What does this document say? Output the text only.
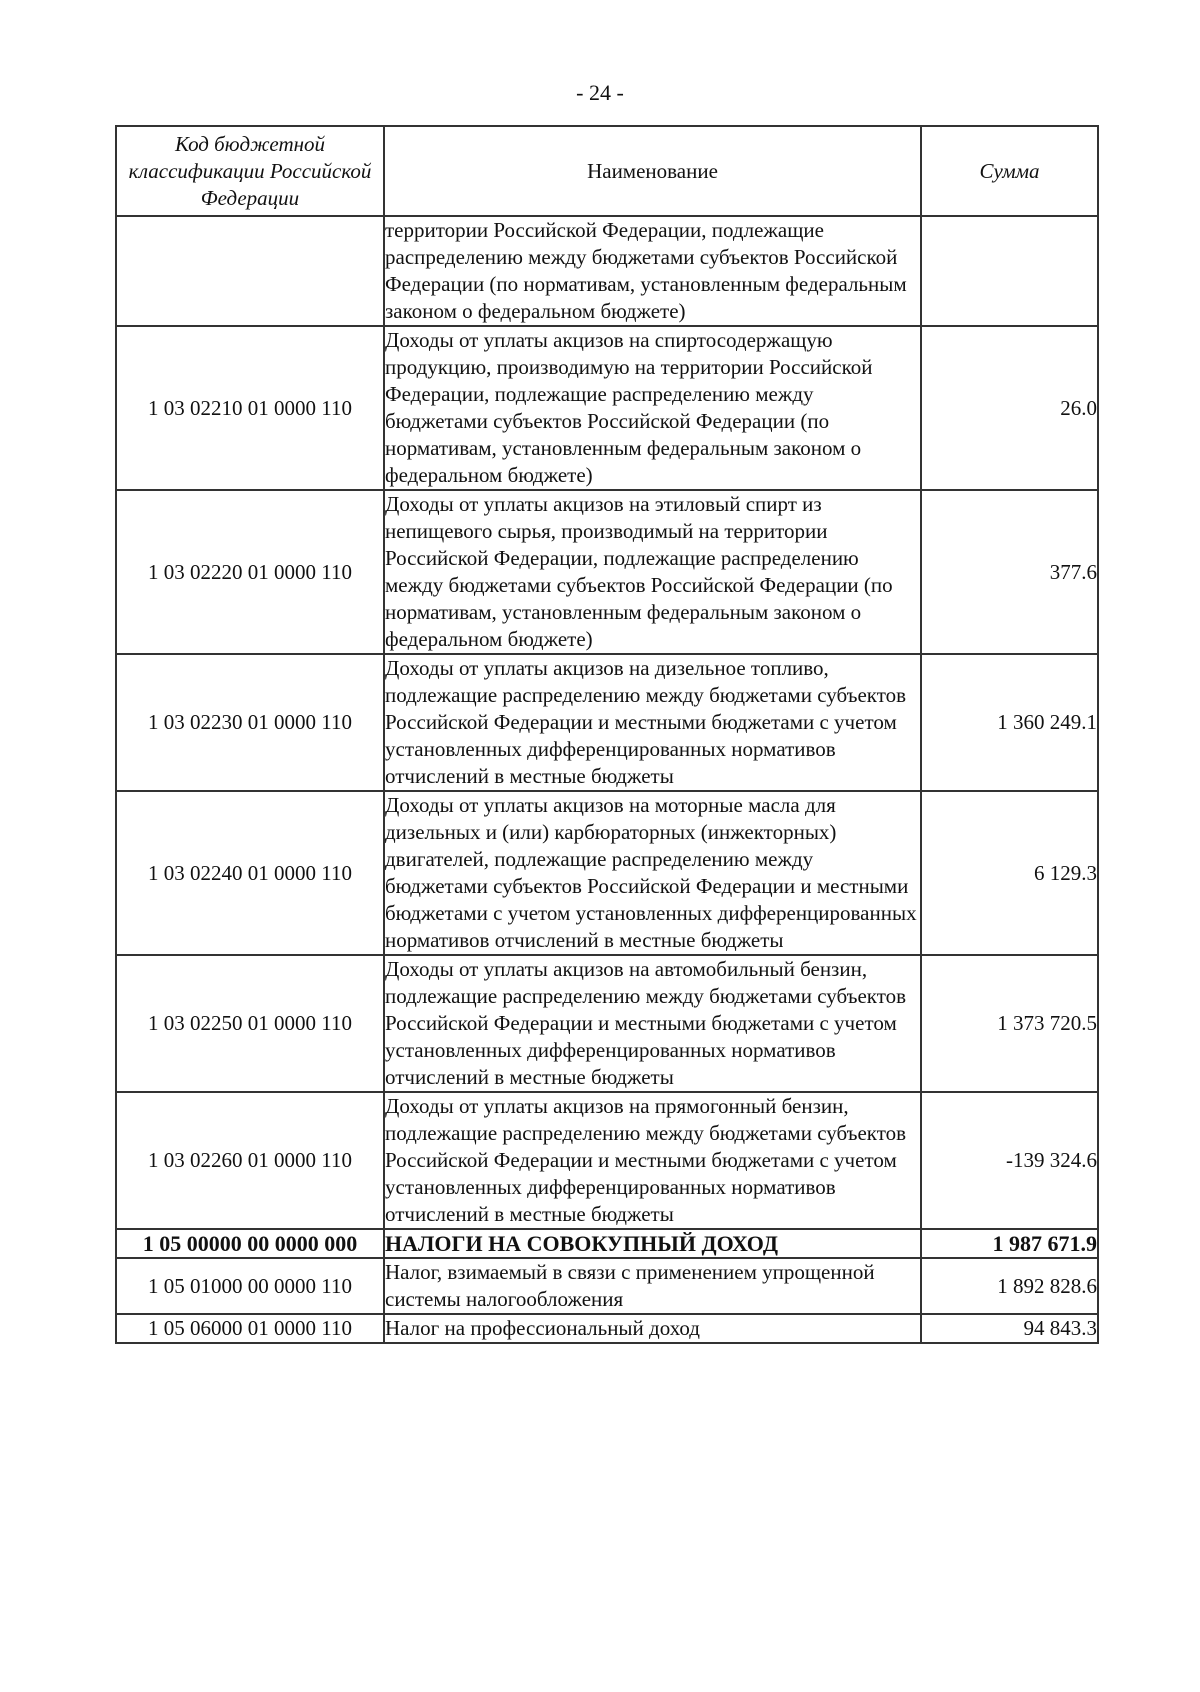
- 24 -
Код бюджетной классификации Российской Федерации	Наименование	Сумма
	территории Российской Федерации, подлежащие распределению между бюджетами субъектов Российской Федерации (по нормативам, установленным федеральным законом о федеральном бюджете)	
1 03 02210 01 0000 110	Доходы от уплаты акцизов на спиртосодержащую продукцию, производимую на территории Российской Федерации, подлежащие распределению между бюджетами субъектов Российской Федерации (по нормативам, установленным федеральным законом о федеральном бюджете)	26.0
1 03 02220 01 0000 110	Доходы от уплаты акцизов на этиловый спирт из непищевого сырья, производимый на территории Российской Федерации, подлежащие распределению между бюджетами субъектов Российской Федерации (по нормативам, установленным федеральным законом о федеральном бюджете)	377.6
1 03 02230 01 0000 110	Доходы от уплаты акцизов на дизельное топливо, подлежащие распределению между бюджетами субъектов Российской Федерации и местными бюджетами с учетом установленных дифференцированных нормативов отчислений в местные бюджеты	1 360 249.1
1 03 02240 01 0000 110	Доходы от уплаты акцизов на моторные масла для дизельных и (или) карбюраторных (инжекторных) двигателей, подлежащие распределению между бюджетами субъектов Российской Федерации и местными бюджетами с учетом установленных дифференцированных нормативов отчислений в местные бюджеты	6 129.3
1 03 02250 01 0000 110	Доходы от уплаты акцизов на автомобильный бензин, подлежащие распределению между бюджетами субъектов Российской Федерации и местными бюджетами с учетом установленных дифференцированных нормативов отчислений в местные бюджеты	1 373 720.5
1 03 02260 01 0000 110	Доходы от уплаты акцизов на прямогонный бензин, подлежащие распределению между бюджетами субъектов Российской Федерации и местными бюджетами с учетом установленных дифференцированных нормативов отчислений в местные бюджеты	-139 324.6
1 05 00000 00 0000 000	НАЛОГИ НА СОВОКУПНЫЙ ДОХОД	1 987 671.9
1 05 01000 00 0000 110	Налог, взимаемый в связи с применением упрощенной системы налогообложения	1 892 828.6
1 05 06000 01 0000 110	Налог на профессиональный доход	94 843.3
